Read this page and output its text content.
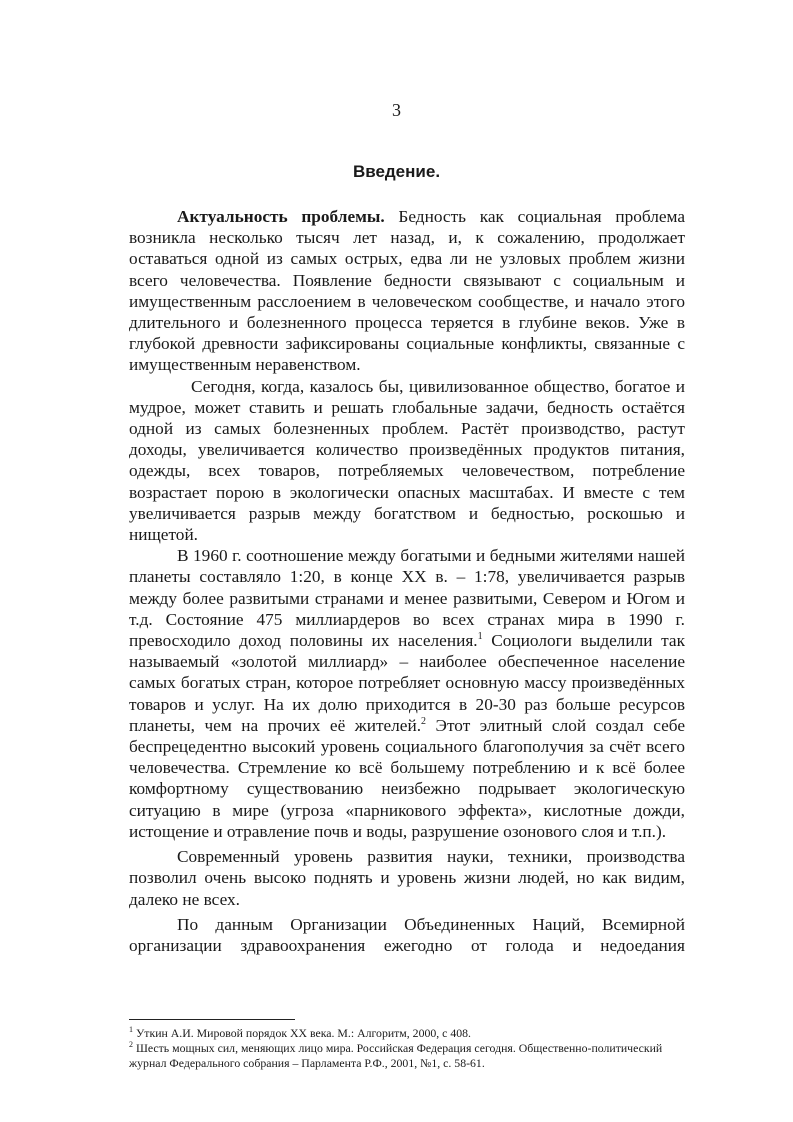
3
Введение.

Актуальность проблемы. Бедность как социальная проблема возникла несколько тысяч лет назад, и, к сожалению, продолжает оставаться одной из самых острых, едва ли не узловых проблем жизни всего человечества. Появление бедности связывают с социальным и имущественным расслоением в человеческом сообществе, и начало этого длительного и болезненного процесса теряется в глубине веков. Уже в глубокой древности зафиксированы социальные конфликты, связанные с имущественным неравенством.

Сегодня, когда, казалось бы, цивилизованное общество, богатое и мудрое, может ставить и решать глобальные задачи, бедность остаётся одной из самых болезненных проблем. Растёт производство, растут доходы, увеличивается количество произведённых продуктов питания, одежды, всех товаров, потребляемых человечеством, потребление возрастает порою в экологически опасных масштабах. И вместе с тем увеличивается разрыв между богатством и бедностью, роскошью и нищетой.

В 1960 г. соотношение между богатыми и бедными жителями нашей планеты составляло 1:20, в конце XX в. – 1:78, увеличивается разрыв между более развитыми странами и менее развитыми, Севером и Югом и т.д. Состояние 475 миллиардеров во всех странах мира в 1990 г. превосходило доход половины их населения.$^1$ Социологи выделили так называемый «золотой миллиард» – наиболее обеспеченное население самых богатых стран, которое потребляет основную массу произведённых товаров и услуг. На их долю приходится в 20-30 раз больше ресурсов планеты, чем на прочих её жителей.$^2$ Этот элитный слой создал себе беспрецедентно высокий уровень социального благополучия за счёт всего человечества. Стремление ко всё большему потреблению и к всё более комфортному существованию неизбежно подрывает экологическую ситуацию в мире (угроза «парникового эффекта», кислотные дожди, истощение и отравление почв и воды, разрушение озонового слоя и т.п.).

Современный уровень развития науки, техники, производства позволил очень высоко поднять и уровень жизни людей, но как видим, далеко не всех.

По данным Организации Объединенных Наций, Всемирной организации здравоохранения ежегодно от голода и недоедания

$^1$ Уткин А.И. Мировой порядок XX века. М.: Алгоритм, 2000, с 408.
$^2$ Шесть мощных сил, меняющих лицо мира. Российская Федерация сегодня. Общественно-политический журнал Федерального собрания – Парламента Р.Ф., 2001, №1, с. 58-61.
